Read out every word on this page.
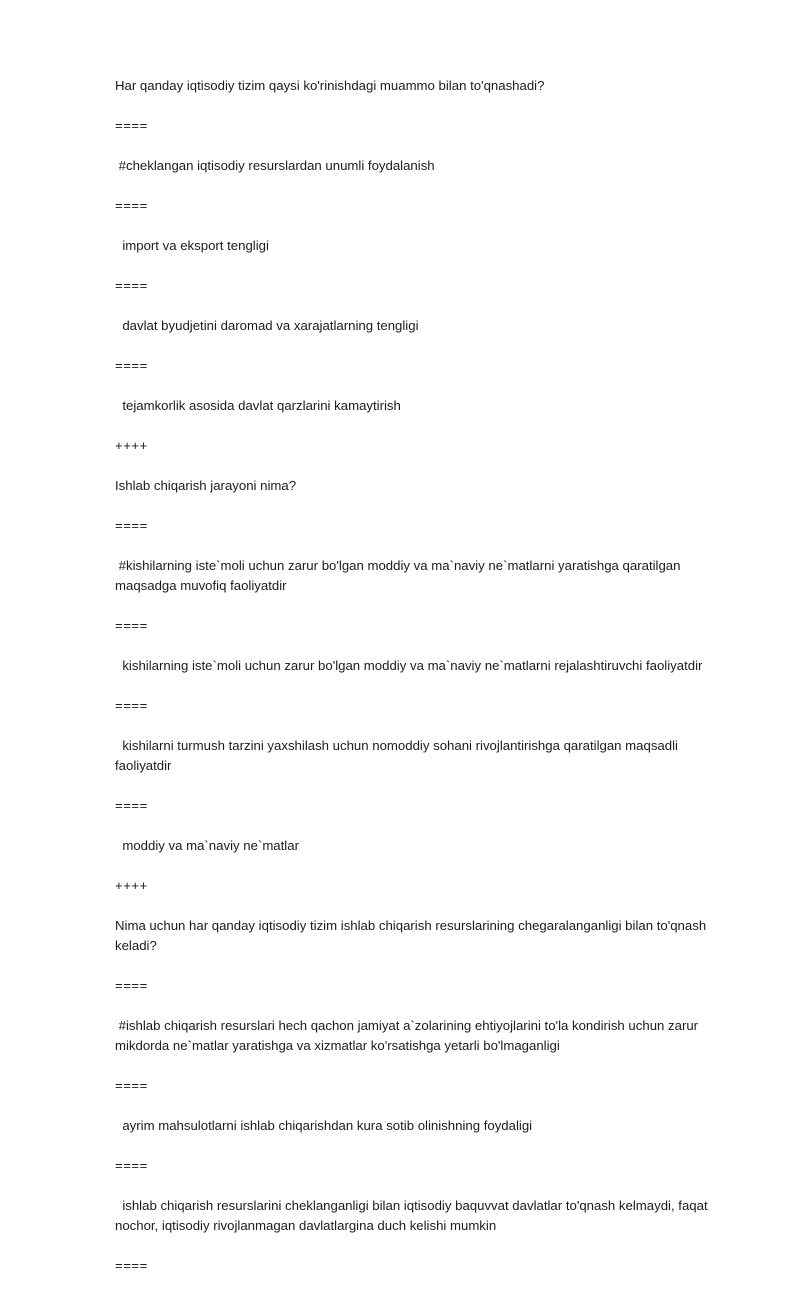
Har qanday iqtisodiy tizim qaysi ko'rinishdagi muammo bilan to'qnashadi?
====
#cheklangan iqtisodiy resurslardan unumli foydalanish
====
import va eksport tengligi
====
davlat byudjetini daromad va xarajatlarning tengligi
====
tejamkorlik asosida davlat qarzlarini kamaytirish
++++
Ishlab chiqarish jarayoni nima?
====
#kishilarning iste`moli uchun zarur bo'lgan moddiy va ma`naviy ne`matlarni yaratishga qaratilgan maqsadga muvofiq faoliyatdir
====
kishilarning iste`moli uchun zarur bo'lgan moddiy va ma`naviy ne`matlarni rejalashtiruvchi faoliyatdir
====
kishilarni turmush tarzini yaxshilash uchun nomoddiy sohani rivojlantirishga qaratilgan maqsadli faoliyatdir
====
moddiy va ma`naviy ne`matlar
++++
Nima uchun har qanday iqtisodiy tizim ishlab chiqarish resurslarining chegaralanganligi bilan to'qnash keladi?
====
#ishlab chiqarish resurslari hech qachon jamiyat a`zolarining ehtiyojlarini to'la kondirish uchun zarur mikdorda ne`matlar yaratishga va xizmatlar ko'rsatishga yetarli bo'lmaganligi
====
ayrim mahsulotlarni ishlab chiqarishdan kura sotib olinishning foydaligi
====
ishlab chiqarish resurslarini cheklanganligi bilan iqtisodiy baquvvat davlatlar to'qnash kelmaydi, faqat nochor, iqtisodiy rivojlanmagan davlatlargina duch kelishi mumkin
====
